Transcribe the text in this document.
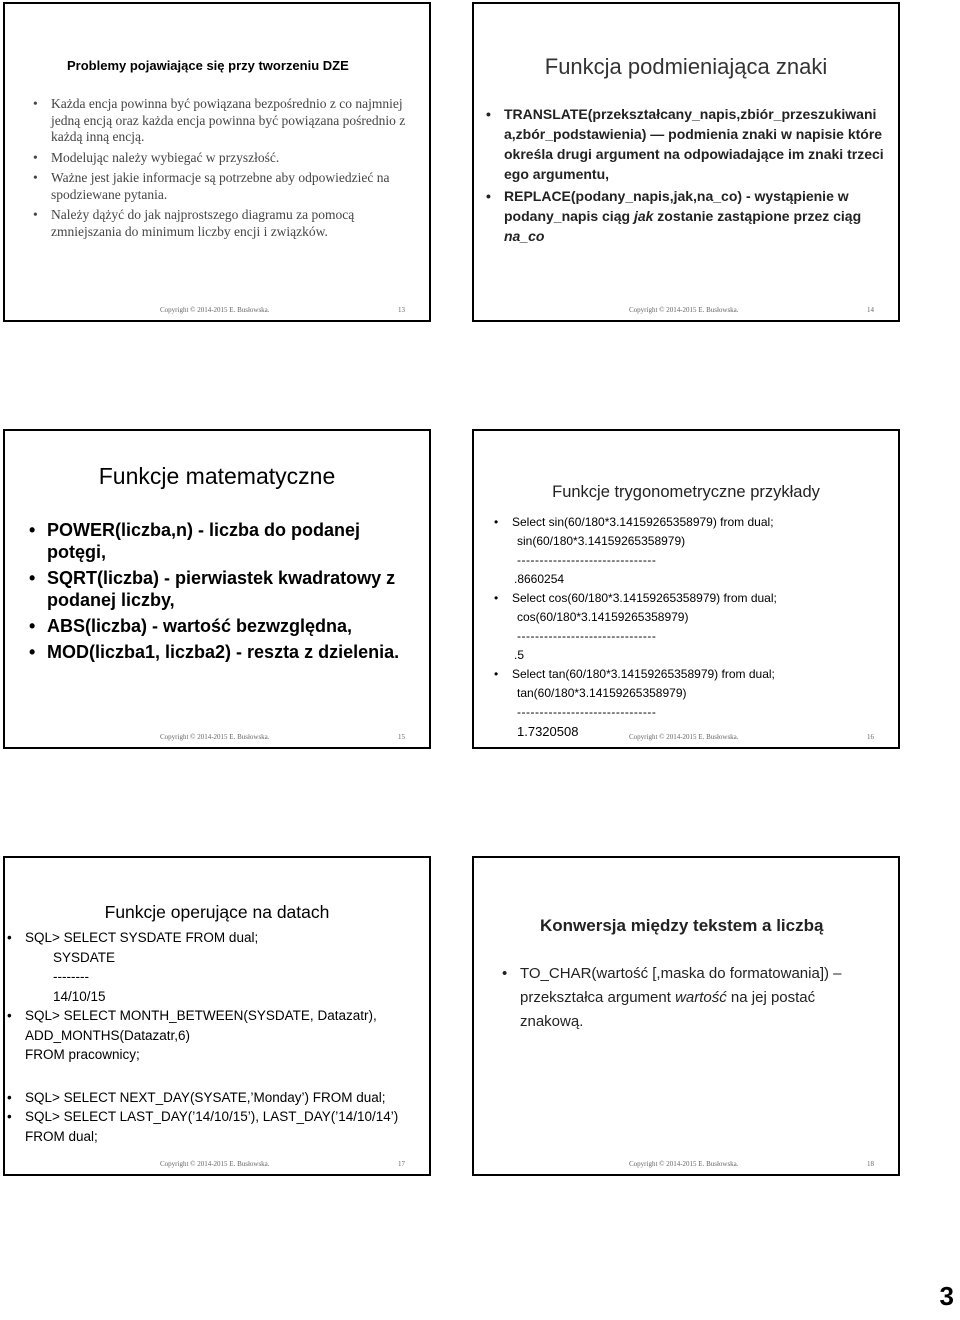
Problemy pojawiające się przy tworzeniu DZE
• Każda encja powinna być powiązana bezpośrednio z co najmniej jedną encją oraz każda encja powinna być powiązana pośrednio z każdą inną encją.
• Modelując należy wybiegać w przyszłość.
• Ważne jest jakie informacje są potrzebne aby odpowiedzieć na spodziewane pytania.
• Należy dążyć do jak najprostszego diagramu za pomocą zmniejszania do minimum liczby encji i związków.
Copyright © 2014-2015 E. Busłowska.	13
Funkcja podmieniająca znaki
• TRANSLATE(przekształcany_napis,zbiór_przeszukiwania,zbór_podstawienia) ― podmienia znaki w napisie które określa drugi argument na odpowiadające im znaki trzeciego argumentu,
• REPLACE(podany_napis,jak,na_co) - wystąpienie w podany_napis ciąg jak zostanie zastąpione przez ciąg na_co
Copyright © 2014-2015 E. Busłowska.	14
Funkcje matematyczne
• POWER(liczba,n) - liczba do podanej potęgi,
• SQRT(liczba) - pierwiastek kwadratowy z podanej liczby,
• ABS(liczba) - wartość bezwzględna,
• MOD(liczba1, liczba2) - reszta z dzielenia.
Copyright © 2014-2015 E. Busłowska.	15
Funkcje trygonometryczne przykłady
• Select sin(60/180*3.14159265358979) from dual;
sin(60/180*3.14159265358979)
-------------------------------
.8660254
• Select cos(60/180*3.14159265358979) from dual;
cos(60/180*3.14159265358979)
-------------------------------
.5
• Select tan(60/180*3.14159265358979) from dual;
tan(60/180*3.14159265358979)
-------------------------------
1.7320508	Copyright © 2014-2015 E. Busłowska.	16
Funkcje operujące na datach
• SQL> SELECT SYSDATE FROM dual;
SYSDATE
--------
14/10/15
• SQL> SELECT MONTH_BETWEEN(SYSDATE, Datazatr), ADD_MONTHS(Datazatr,6)
FROM pracownicy;
• SQL> SELECT NEXT_DAY(SYSATE,’Monday’) FROM dual;
• SQL> SELECT LAST_DAY(’14/10/15’), LAST_DAY(’14/10/14’) FROM dual;
Copyright © 2014-2015 E. Busłowska.	17
Konwersja między tekstem a liczbą
• TO_CHAR(wartość [,maska do formatowania]) – przekształca argument wartość na jej postać znakową.
Copyright © 2014-2015 E. Busłowska.	18
3
